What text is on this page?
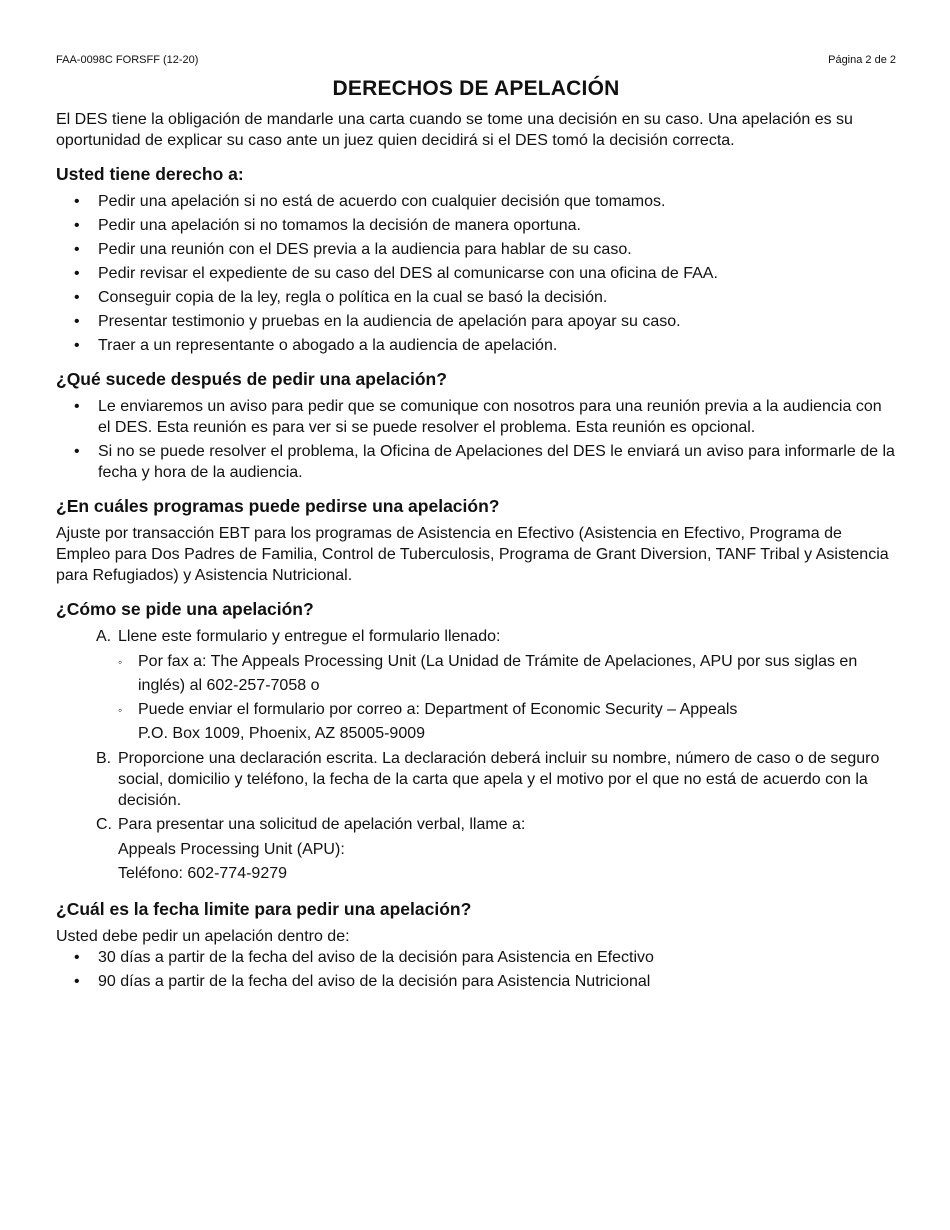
FAA-0098C FORSFF (12-20)	Página 2 de 2
DERECHOS DE APELACIÓN

El DES tiene la obligación de mandarle una carta cuando se tome una decisión en su caso. Una apelación es su oportunidad de explicar su caso ante un juez quien decidirá si el DES tomó la decisión correcta.

Usted tiene derecho a:
• Pedir una apelación si no está de acuerdo con cualquier decisión que tomamos.
• Pedir una apelación si no tomamos la decisión de manera oportuna.
• Pedir una reunión con el DES previa a la audiencia para hablar de su caso.
• Pedir revisar el expediente de su caso del DES al comunicarse con una oficina de FAA.
• Conseguir copia de la ley, regla o política en la cual se basó la decisión.
• Presentar testimonio y pruebas en la audiencia de apelación para apoyar su caso.
• Traer a un representante o abogado a la audiencia de apelación.
¿Qué sucede después de pedir una apelación?
• Le enviaremos un aviso para pedir que se comunique con nosotros para una reunión previa a la audiencia con el DES. Esta reunión es para ver si se puede resolver el problema. Esta reunión es opcional.
• Si no se puede resolver el problema, la Oficina de Apelaciones del DES le enviará un aviso para informarle de la fecha y hora de la audiencia.
¿En cuáles programas puede pedirse una apelación?

Ajuste por transacción EBT para los programas de Asistencia en Efectivo (Asistencia en Efectivo, Programa de Empleo para Dos Padres de Familia, Control de Tuberculosis, Programa de Grant Diversion, TANF Tribal y Asistencia para Refugiados) y Asistencia Nutricional.

¿Cómo se pide una apelación?
A. Llene este formulario y entregue el formulario llenado:
◦ Por fax a: The Appeals Processing Unit (La Unidad de Trámite de Apelaciones, APU por sus siglas en inglés) al 602-257-7058 o
◦ Puede enviar el formulario por correo a: Department of Economic Security – Appeals
P.O. Box 1009, Phoenix, AZ 85005-9009
B. Proporcione una declaración escrita. La declaración deberá incluir su nombre, número de caso o de seguro social, domicilio y teléfono, la fecha de la carta que apela y el motivo por el que no está de acuerdo con la decisión.
C. Para presentar una solicitud de apelación verbal, llame a:
Appeals Processing Unit (APU):
Teléfono: 602-774-9279
¿Cuál es la fecha limite para pedir una apelación?

Usted debe pedir un apelación dentro de:

• 30 días a partir de la fecha del aviso de la decisión para Asistencia en Efectivo
• 90 días a partir de la fecha del aviso de la decisión para Asistencia Nutricional
